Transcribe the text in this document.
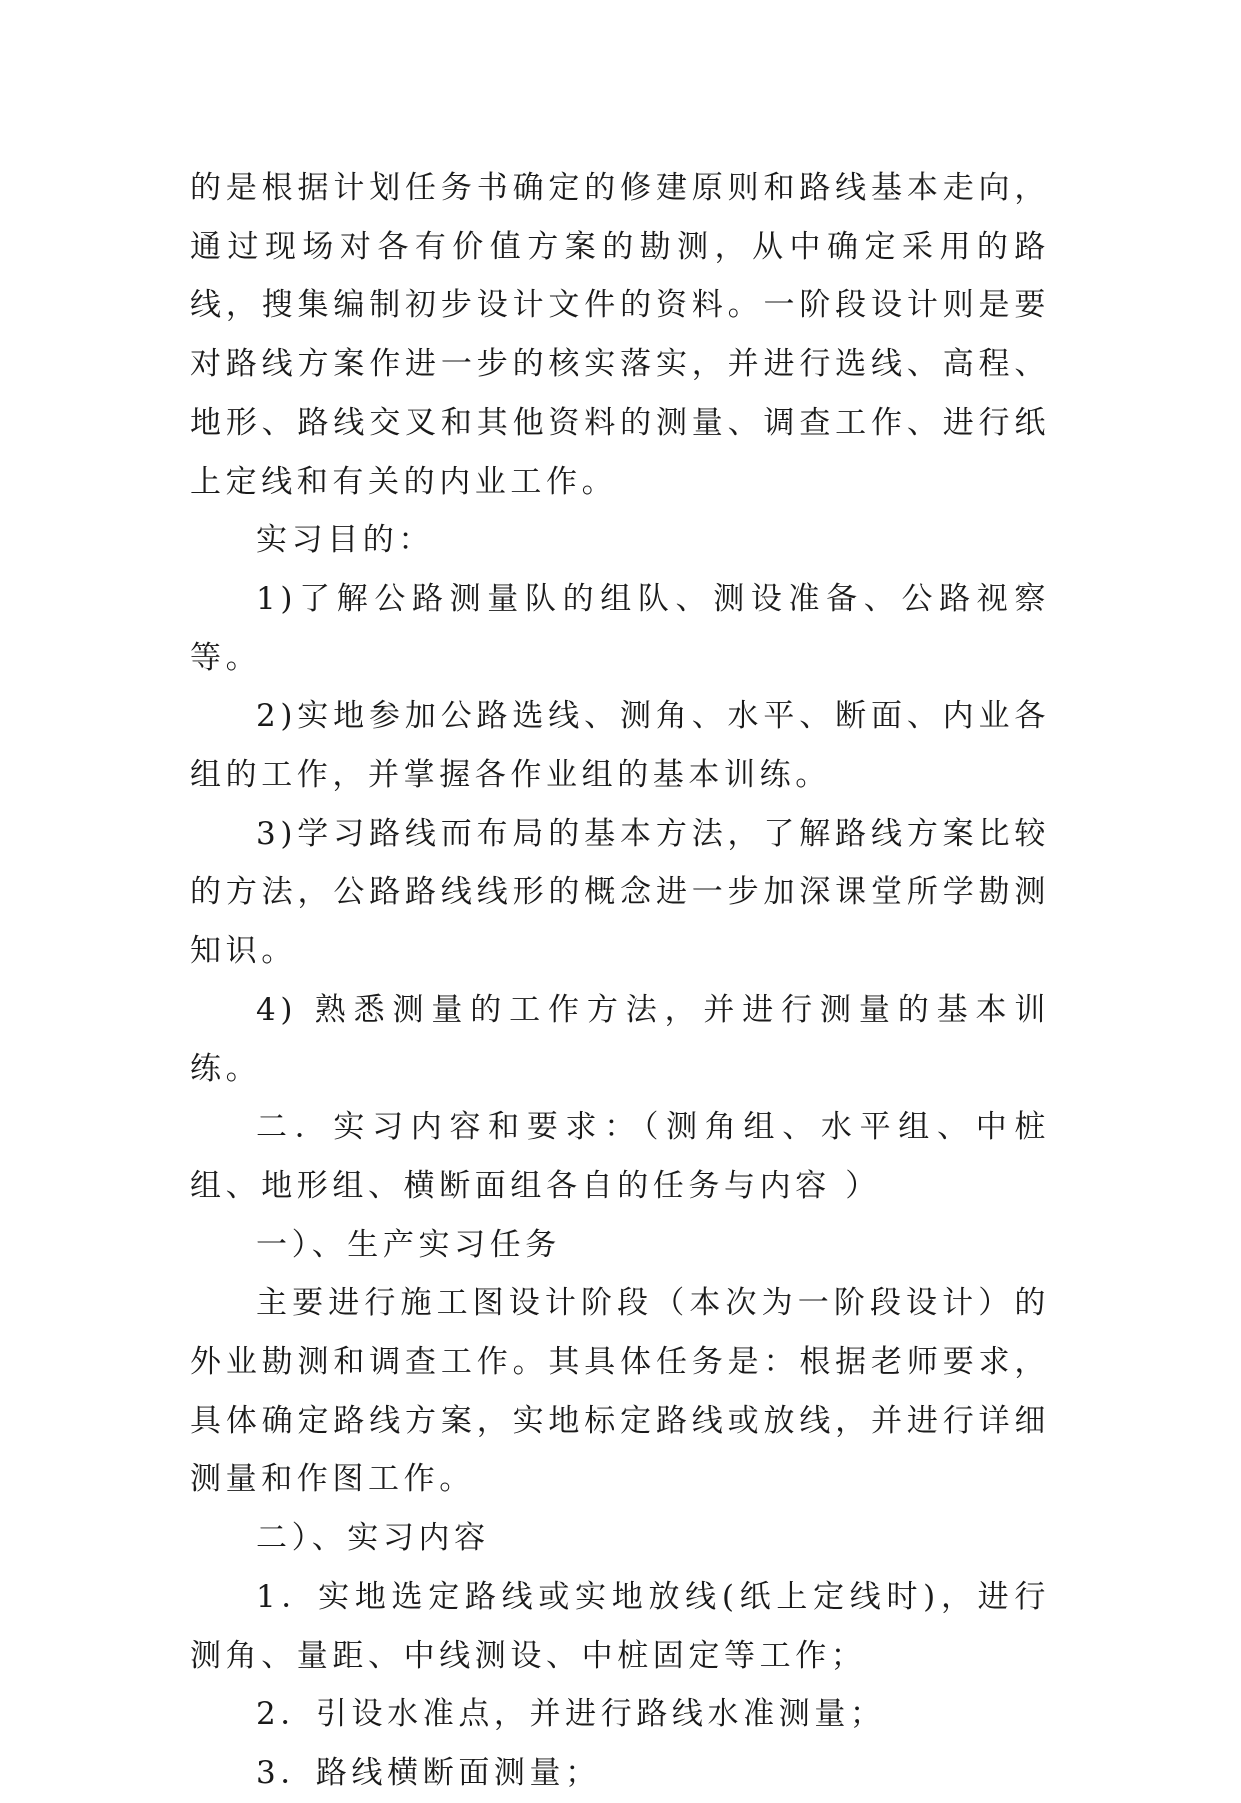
的是根据计划任务书确定的修建原则和路线基本走向，通过现场对各有价值方案的勘测，从中确定采用的路线，搜集编制初步设计文件的资料。一阶段设计则是要对路线方案作进一步的核实落实，并进行选线、高程、地形、路线交叉和其他资料的测量、调查工作、进行纸上定线和有关的内业工作。

实习目的：

1)了解公路测量队的组队、测设准备、公路视察等。

2)实地参加公路选线、测角、水平、断面、内业各组的工作，并掌握各作业组的基本训练。

3)学习路线而布局的基本方法，了解路线方案比较的方法，公路路线线形的概念进一步加深课堂所学勘测知识。

4) 熟悉测量的工作方法，并进行测量的基本训练。

二．实习内容和要求：（测角组、水平组、中桩组、地形组、横断面组各自的任务与内容 ）

一）、生产实习任务

主要进行施工图设计阶段（本次为一阶段设计）的外业勘测和调查工作。其具体任务是：根据老师要求，具体确定路线方案，实地标定路线或放线，并进行详细测量和作图工作。

二）、实习内容

1．实地选定路线或实地放线(纸上定线时)，进行测角、量距、中线测设、中桩固定等工作；

2．引设水准点，并进行路线水准测量；

3．路线横断面测量；
